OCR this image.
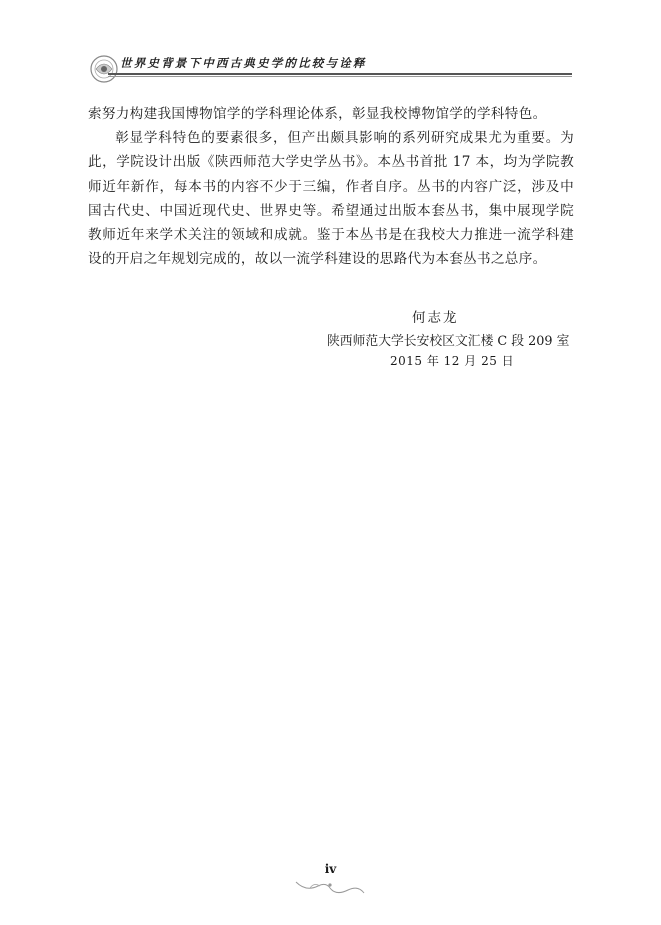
世界史背景下中西古典史学的比较与诠释

索努力构建我国博物馆学的学科理论体系，彰显我校博物馆学的学科特色。

彰显学科特色的要素很多，但产出颇具影响的系列研究成果尤为重要。为此，学院设计出版《陕西师范大学史学丛书》。本丛书首批 17 本，均为学院教师近年新作，每本书的内容不少于三编，作者自序。丛书的内容广泛，涉及中国古代史、中国近现代史、世界史等。希望通过出版本套丛书，集中展现学院教师近年来学术关注的领域和成就。鉴于本丛书是在我校大力推进一流学科建设的开启之年规划完成的，故以一流学科建设的思路代为本套丛书之总序。

何志龙
陕西师范大学长安校区文汇楼 C 段 209 室
2015 年 12 月 25 日
iv
